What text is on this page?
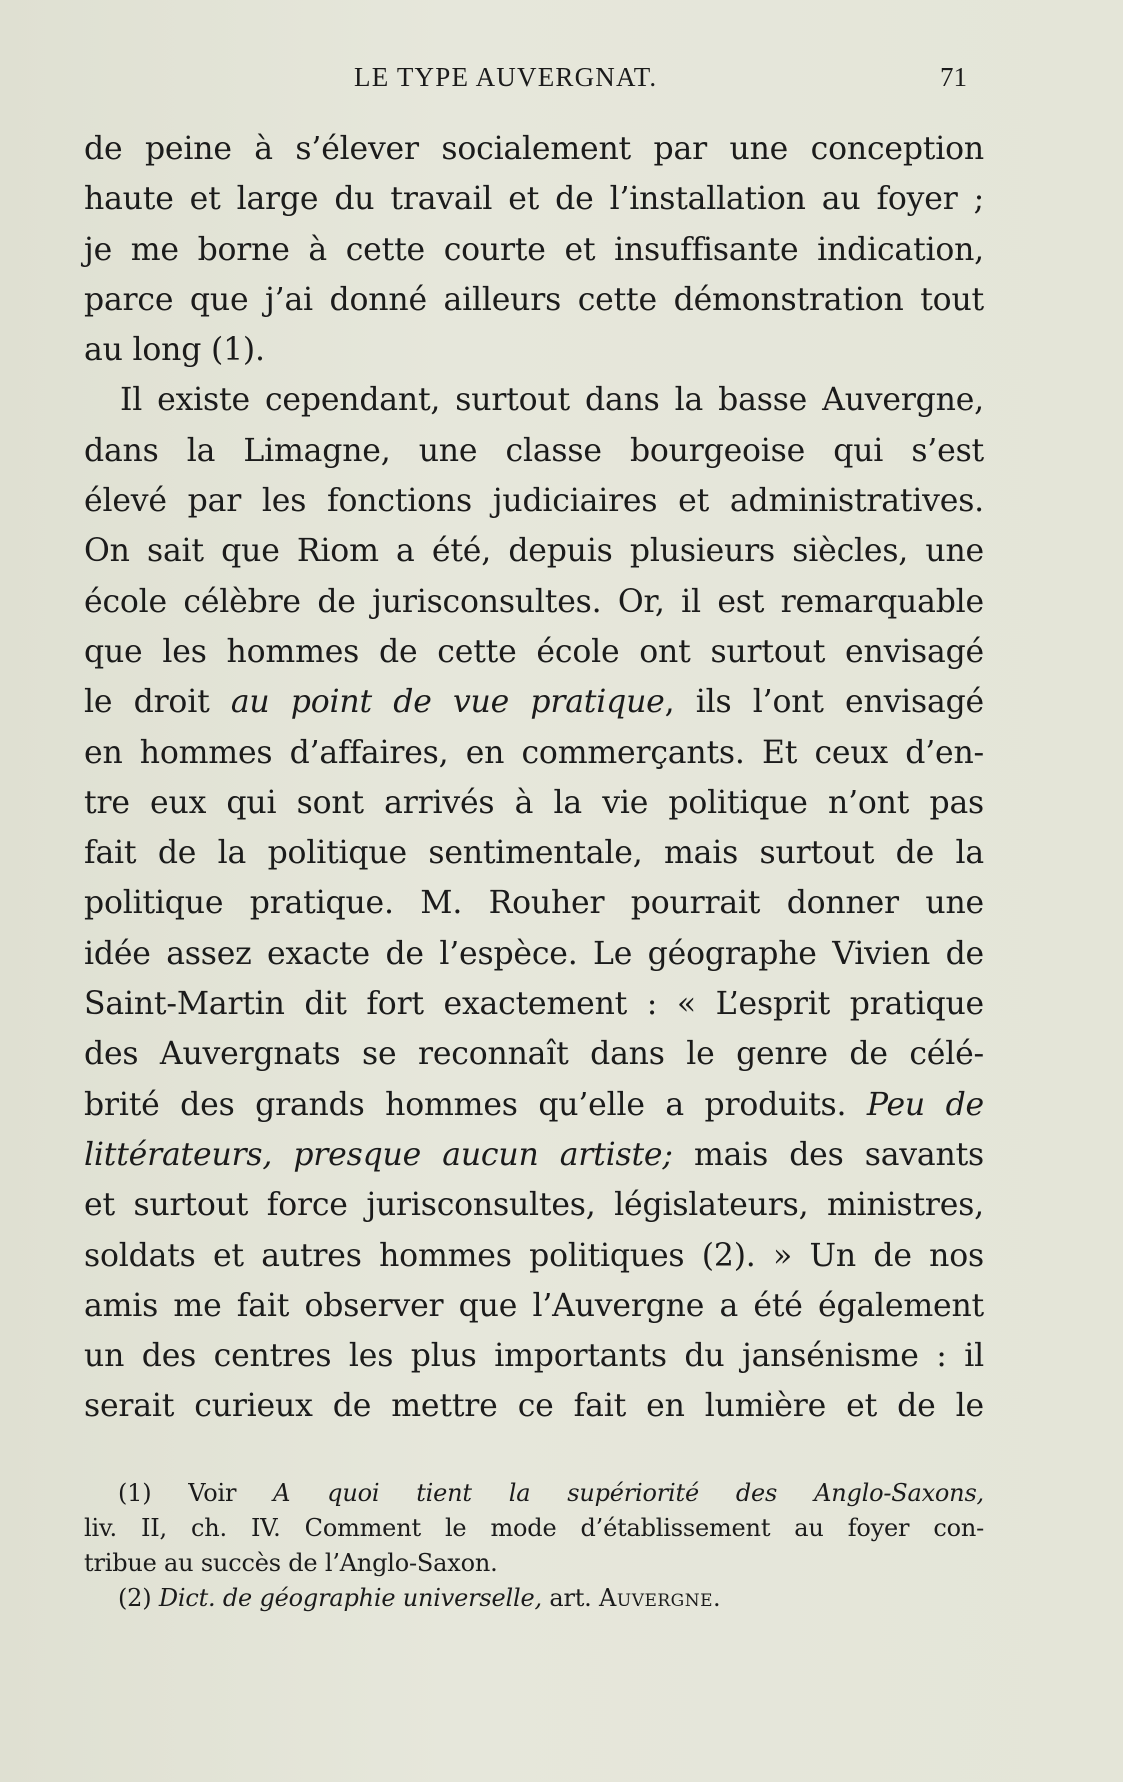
LE TYPE AUVERGNAT.	71
de peine à s’élever socialement par une conception
haute et large du travail et de l’installation au foyer ;
je me borne à cette courte et insuffisante indication,
parce que j’ai donné ailleurs cette démonstration tout
au long (1).
Il existe cependant, surtout dans la basse Auvergne,
dans la Limagne, une classe bourgeoise qui s’est
élevé par les fonctions judiciaires et administratives.
On sait que Riom a été, depuis plusieurs siècles, une
école célèbre de jurisconsultes. Or, il est remarquable
que les hommes de cette école ont surtout envisagé
le droit au point de vue pratique, ils l’ont envisagé
en hommes d’affaires, en commerçants. Et ceux d’en-
tre eux qui sont arrivés à la vie politique n’ont pas
fait de la politique sentimentale, mais surtout de la
politique pratique. M. Rouher pourrait donner une
idée assez exacte de l’espèce. Le géographe Vivien de
Saint-Martin dit fort exactement : « L’esprit pratique
des Auvergnats se reconnaît dans le genre de célé-
brité des grands hommes qu’elle a produits. Peu de
littérateurs, presque aucun artiste; mais des savants
et surtout force jurisconsultes, législateurs, ministres,
soldats et autres hommes politiques (2). » Un de nos
amis me fait observer que l’Auvergne a été également
un des centres les plus importants du jansénisme : il
serait curieux de mettre ce fait en lumière et de le
(1) Voir A quoi tient la supériorité des Anglo-Saxons,
liv. II, ch. IV. Comment le mode d’établissement au foyer con-
tribue au succès de l’Anglo-Saxon.
(2) Dict. de géographie universelle, art. Auvergne.
